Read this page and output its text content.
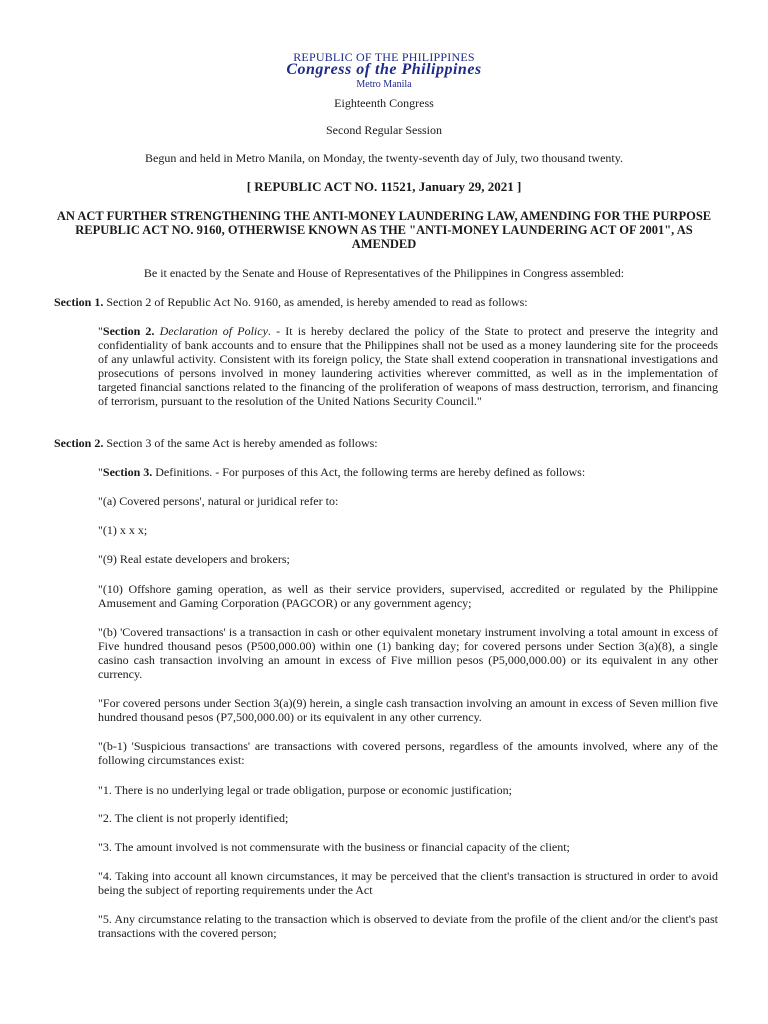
REPUBLIC OF THE PHILIPPINES
Congress of the Philippines
Metro Manila
Eighteenth Congress
Second Regular Session
Begun and held in Metro Manila, on Monday, the twenty-seventh day of July, two thousand twenty.
[ REPUBLIC ACT NO. 11521, January 29, 2021 ]
AN ACT FURTHER STRENGTHENING THE ANTI-MONEY LAUNDERING LAW, AMENDING FOR THE PURPOSE REPUBLIC ACT NO. 9160, OTHERWISE KNOWN AS THE "ANTI-MONEY LAUNDERING ACT OF 2001", AS AMENDED
Be it enacted by the Senate and House of Representatives of the Philippines in Congress assembled:

Section 1. Section 2 of Republic Act No. 9160, as amended, is hereby amended to read as follows:

"Section 2. Declaration of Policy. - It is hereby declared the policy of the State to protect and preserve the integrity and confidentiality of bank accounts and to ensure that the Philippines shall not be used as a money laundering site for the proceeds of any unlawful activity. Consistent with its foreign policy, the State shall extend cooperation in transnational investigations and prosecutions of persons involved in money laundering activities wherever committed, as well as in the implementation of targeted financial sanctions related to the financing of the proliferation of weapons of mass destruction, terrorism, and financing of terrorism, pursuant to the resolution of the United Nations Security Council."

Section 2. Section 3 of the same Act is hereby amended as follows:

"Section 3. Definitions. - For purposes of this Act, the following terms are hereby defined as follows:

"(a) Covered persons', natural or juridical refer to:

"(1) x x x;

"(9) Real estate developers and brokers;

"(10) Offshore gaming operation, as well as their service providers, supervised, accredited or regulated by the Philippine Amusement and Gaming Corporation (PAGCOR) or any government agency;

"(b) 'Covered transactions' is a transaction in cash or other equivalent monetary instrument involving a total amount in excess of Five hundred thousand pesos (P500,000.00) within one (1) banking day; for covered persons under Section 3(a)(8), a single casino cash transaction involving an amount in excess of Five million pesos (P5,000,000.00) or its equivalent in any other currency.

"For covered persons under Section 3(a)(9) herein, a single cash transaction involving an amount in excess of Seven million five hundred thousand pesos (P7,500,000.00) or its equivalent in any other currency.

"(b-1) 'Suspicious transactions' are transactions with covered persons, regardless of the amounts involved, where any of the following circumstances exist:

"1. There is no underlying legal or trade obligation, purpose or economic justification;

"2. The client is not properly identified;

"3. The amount involved is not commensurate with the business or financial capacity of the client;

"4. Taking into account all known circumstances, it may be perceived that the client's transaction is structured in order to avoid being the subject of reporting requirements under the Act

"5. Any circumstance relating to the transaction which is observed to deviate from the profile of the client and/or the client's past transactions with the covered person;
